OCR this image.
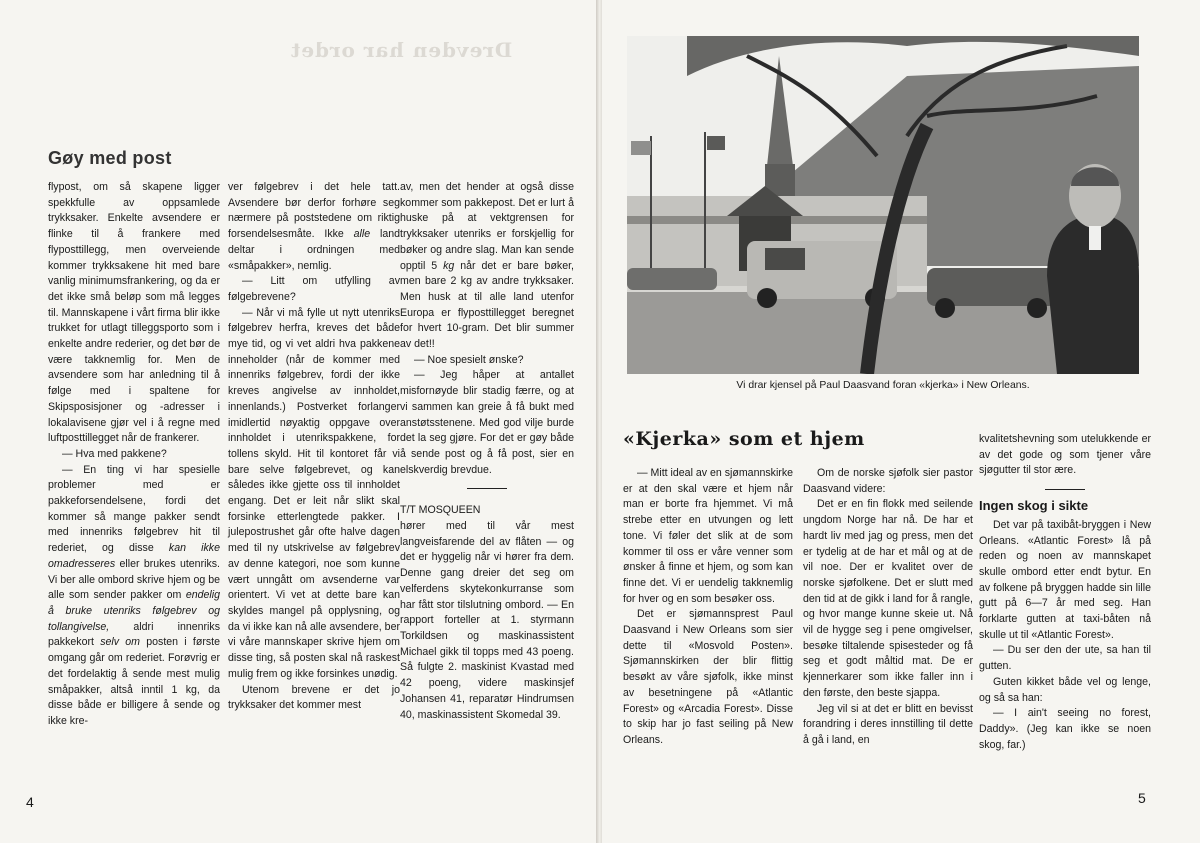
Drevden har ordet
Gøy med post

flypost, om så skapene ligger spekkfulle av oppsamlede trykksaker. Enkelte avsendere er flinke til å frankere med flyposttillegg, men overveiende kommer trykksakene hit med bare vanlig minimumsfrankering, og da er det ikke små beløp som må legges til. Mannskapene i vårt firma blir ikke trukket for utlagt tilleggsporto som i enkelte andre rederier, og det bør de være takknemlig for. Men de avsendere som har anledning til å følge med i spaltene for Skipsposisjoner og -adresser i lokalavisene gjør vel i å regne med luftposttillegget når de frankerer.

— Hva med pakkene?

— En ting vi har spesielle problemer med er pakkeforsendelsene, fordi det kommer så mange pakker sendt med innenriks følgebrev hit til rederiet, og disse kan ikke omadresseres eller brukes utenriks. Vi ber alle ombord skrive hjem og be alle som sender pakker om endelig å bruke utenriks følgebrev og tollangivelse, aldri innenriks pakkekort selv om posten i første omgang går om rederiet. Forøvrig er det fordelaktig å sende mest mulig småpakker, altså inntil 1 kg, da disse både er billigere å sende og ikke kre-

ver følgebrev i det hele tatt. Avsendere bør derfor forhøre seg nærmere på poststedene om riktig forsendelsesmåte. Ikke alle land deltar i ordningen med «småpakker», nemlig.

— Litt om utfylling av følgebrevene?

— Når vi må fylle ut nytt utenriks følgebrev herfra, kreves det både mye tid, og vi vet aldri hva pakkene inneholder (når de kommer med innenriks følgebrev, fordi der ikke kreves angivelse av innholdet, innenlands.) Postverket forlanger imidlertid nøyaktig oppgave over innholdet i utenrikspakkene, for tollens skyld. Hit til kontoret får vi bare selve følgebrevet, og kan således ikke gjette oss til innholdet engang. Det er leit når slikt skal forsinke etterlengtede pakker. I julepostrushet går ofte halve dagen med til ny utskrivelse av følgebrev av denne kategori, noe som kunne vært unngått om avsenderne var orientert. Vi vet at dette bare kan skyldes mangel på opplysning, og da vi ikke kan nå alle avsendere, ber vi våre mannskaper skrive hjem om disse ting, så posten skal nå raskest mulig frem og ikke forsinkes unødig.

Utenom brevene er det jo trykksaker det kommer mest

av, men det hender at også disse kommer som pakkepost. Det er lurt å huske på at vektgrensen for trykksaker utenriks er forskjellig for bøker og andre slag. Man kan sende opptil 5 kg når det er bare bøker, men bare 2 kg av andre trykksaker. Men husk at til alle land utenfor Europa er flyposttillegget beregnet for hvert 10-gram. Det blir summer av det!!

— Noe spesielt ønske?

— Jeg håper at antallet misfornøyde blir stadig færre, og at vi sammen kan greie å få bukt med anstøtsstenene. Med god vilje burde det la seg gjøre. For det er gøy både å sende post og å få post, sier en elskverdig brevdue.

T/T MOSQUEEN

hører med til vår mest langveisfarende del av flåten — og det er hyggelig når vi hører fra dem. Denne gang dreier det seg om velferdens skytekonkurranse som har fått stor tilslutning ombord. — En rapport forteller at 1. styrmann Torkildsen og maskinassistent Michael gikk til topps med 43 poeng. Så fulgte 2. maskinist Kvastad med 42 poeng, videre maskinsjef Johansen 41, reparatør Hindrumsen 40, maskinassistent Skomedal 39.

4
Vi drar kjensel på Paul Daasvand foran «kjerka» i New Orleans.
«Kjerka» som et hjem

— Mitt ideal av en sjømannskirke er at den skal være et hjem når man er borte fra hjemmet. Vi må strebe etter en utvungen og lett tone. Vi føler det slik at de som kommer til oss er våre venner som ønsker å finne et hjem, og som kan finne det. Vi er uendelig takknemlig for hver og en som besøker oss.

Det er sjømannsprest Paul Daasvand i New Orleans som sier dette til «Mosvold Posten». Sjømannskirken der blir flittig besøkt av våre sjøfolk, ikke minst av besetningene på «Atlantic Forest» og «Arcadia Forest». Disse to skip har jo fast seiling på New Orleans.

Om de norske sjøfolk sier pastor Daasvand videre:

Det er en fin flokk med seilende ungdom Norge har nå. De har et hardt liv med jag og press, men det er tydelig at de har et mål og at de vil noe. Der er kvalitet over de norske sjøfolkene. Det er slutt med den tid at de gikk i land for å rangle, og hvor mange kunne skeie ut. Nå vil de hygge seg i pene omgivelser, besøke tiltalende spisesteder og få seg et godt måltid mat. De er kjennerkarer som ikke faller inn i den første, den beste sjappa.

Jeg vil si at det er blitt en bevisst forandring i deres innstilling til dette å gå i land, en

kvalitetshevning som utelukkende er av det gode og som tjener våre sjøgutter til stor ære.

Ingen skog i sikte

Det var på taxibåt-bryggen i New Orleans. «Atlantic Forest» lå på reden og noen av mannskapet skulle ombord etter endt bytur. En av folkene på bryggen hadde sin lille gutt på 6—7 år med seg. Han forklarte gutten at taxi-båten nå skulle ut til «Atlantic Forest».

— Du ser den der ute, sa han til gutten.

Guten kikket både vel og lenge, og så sa han:

— I ain't seeing no forest, Daddy». (Jeg kan ikke se noen skog, far.)

5
